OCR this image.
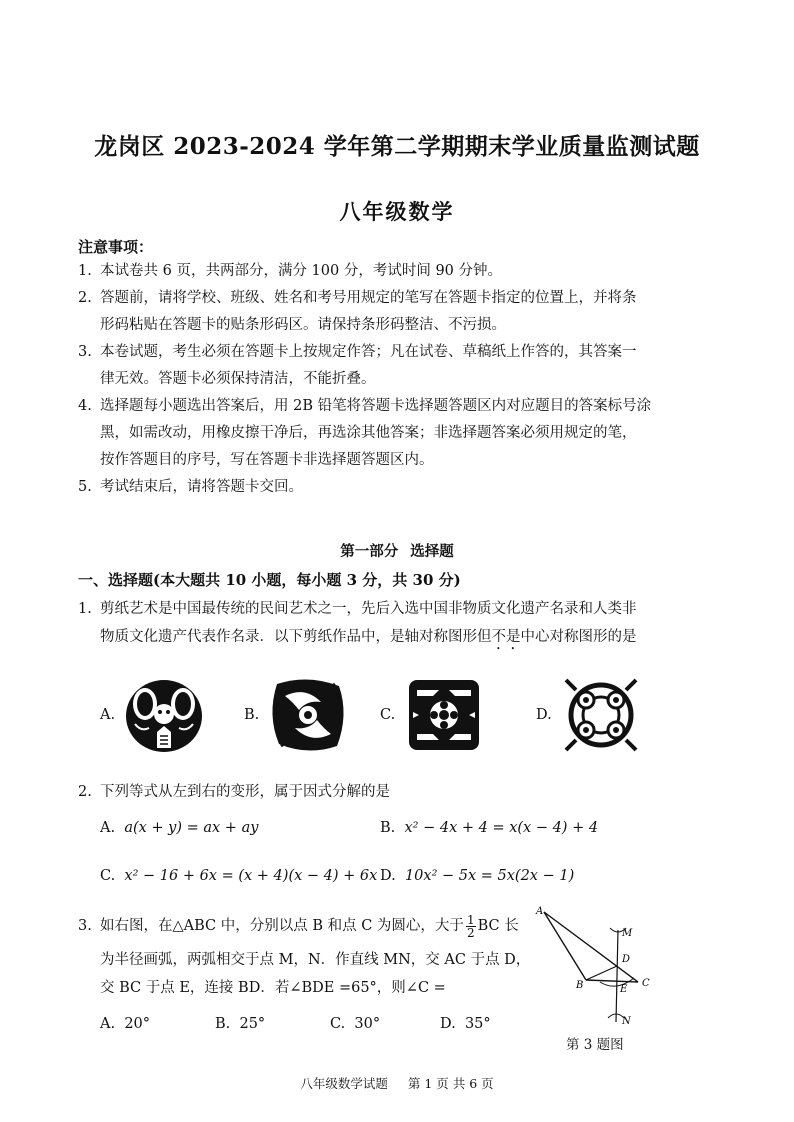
龙岗区 2023-2024 学年第二学期期末学业质量监测试题
八年级数学
注意事项：
1. 本试卷共 6 页，共两部分，满分 100 分，考试时间 90 分钟。
2. 答题前，请将学校、班级、姓名和考号用规定的笔写在答题卡指定的位置上，并将条
形码粘贴在答题卡的贴条形码区。请保持条形码整洁、不污损。
3. 本卷试题，考生必须在答题卡上按规定作答；凡在试卷、草稿纸上作答的，其答案一
律无效。答题卡必须保持清洁，不能折叠。
4. 选择题每小题选出答案后，用 2B 铅笔将答题卡选择题答题区内对应题目的答案标号涂
黑，如需改动，用橡皮擦干净后，再选涂其他答案；非选择题答案必须用规定的笔，
按作答题目的序号，写在答题卡非选择题答题区内。
5. 考试结束后，请将答题卡交回。
第一部分 选择题
一、选择题(本大题共 10 小题，每小题 3 分，共 30 分)
1. 剪纸艺术是中国最传统的民间艺术之一，先后入选中国非物质文化遗产名录和人类非
物质文化遗产代表作名录．以下剪纸作品中，是轴对称图形但不是中心对称图形的是
A.	B.	C.	D.
2. 下列等式从左到右的变形，属于因式分解的是
A. a(x + y) = ax + ay	B. x² − 4x + 4 = x(x − 4) + 4
C. x² − 16 + 6x = (x + 4)(x − 4) + 6x D. 10x² − 5x = 5x(2x − 1)
3. 如右图，在△ABC 中，分别以点 B 和点 C 为圆心，大于 $\frac{1}{2}$ BC 长
为半径画弧，两弧相交于点 M，N．作直线 MN，交 AC 于点 D，
交 BC 于点 E，连接 BD．若∠BDE =65°，则∠C =
A. 20°	B. 25°	C. 30°	D. 35°
A
M
D
B	E
C
N
第 3 题图
八年级数学试题 第 1 页 共 6 页
